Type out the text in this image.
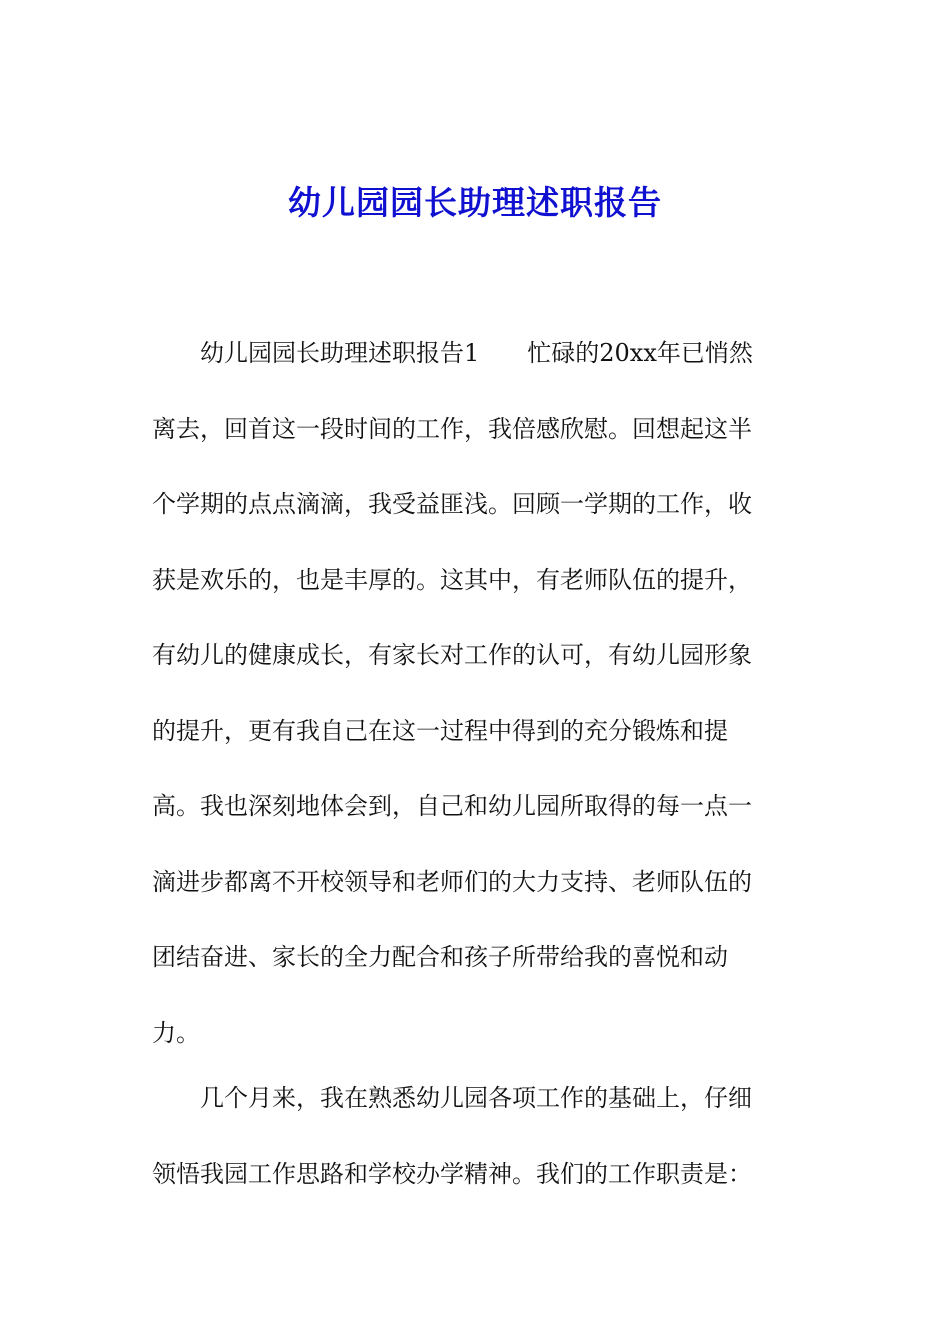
幼儿园园长助理述职报告
幼儿园园长助理述职报告1　　忙碌的20xx年已悄然
离去，回首这一段时间的工作，我倍感欣慰。回想起这半
个学期的点点滴滴，我受益匪浅。回顾一学期的工作，收
获是欢乐的，也是丰厚的。这其中，有老师队伍的提升，
有幼儿的健康成长，有家长对工作的认可，有幼儿园形象
的提升，更有我自己在这一过程中得到的充分锻炼和提
高。我也深刻地体会到，自己和幼儿园所取得的每一点一
滴进步都离不开校领导和老师们的大力支持、老师队伍的
团结奋进、家长的全力配合和孩子所带给我的喜悦和动
力。
几个月来，我在熟悉幼儿园各项工作的基础上，仔细
领悟我园工作思路和学校办学精神。我们的工作职责是：
